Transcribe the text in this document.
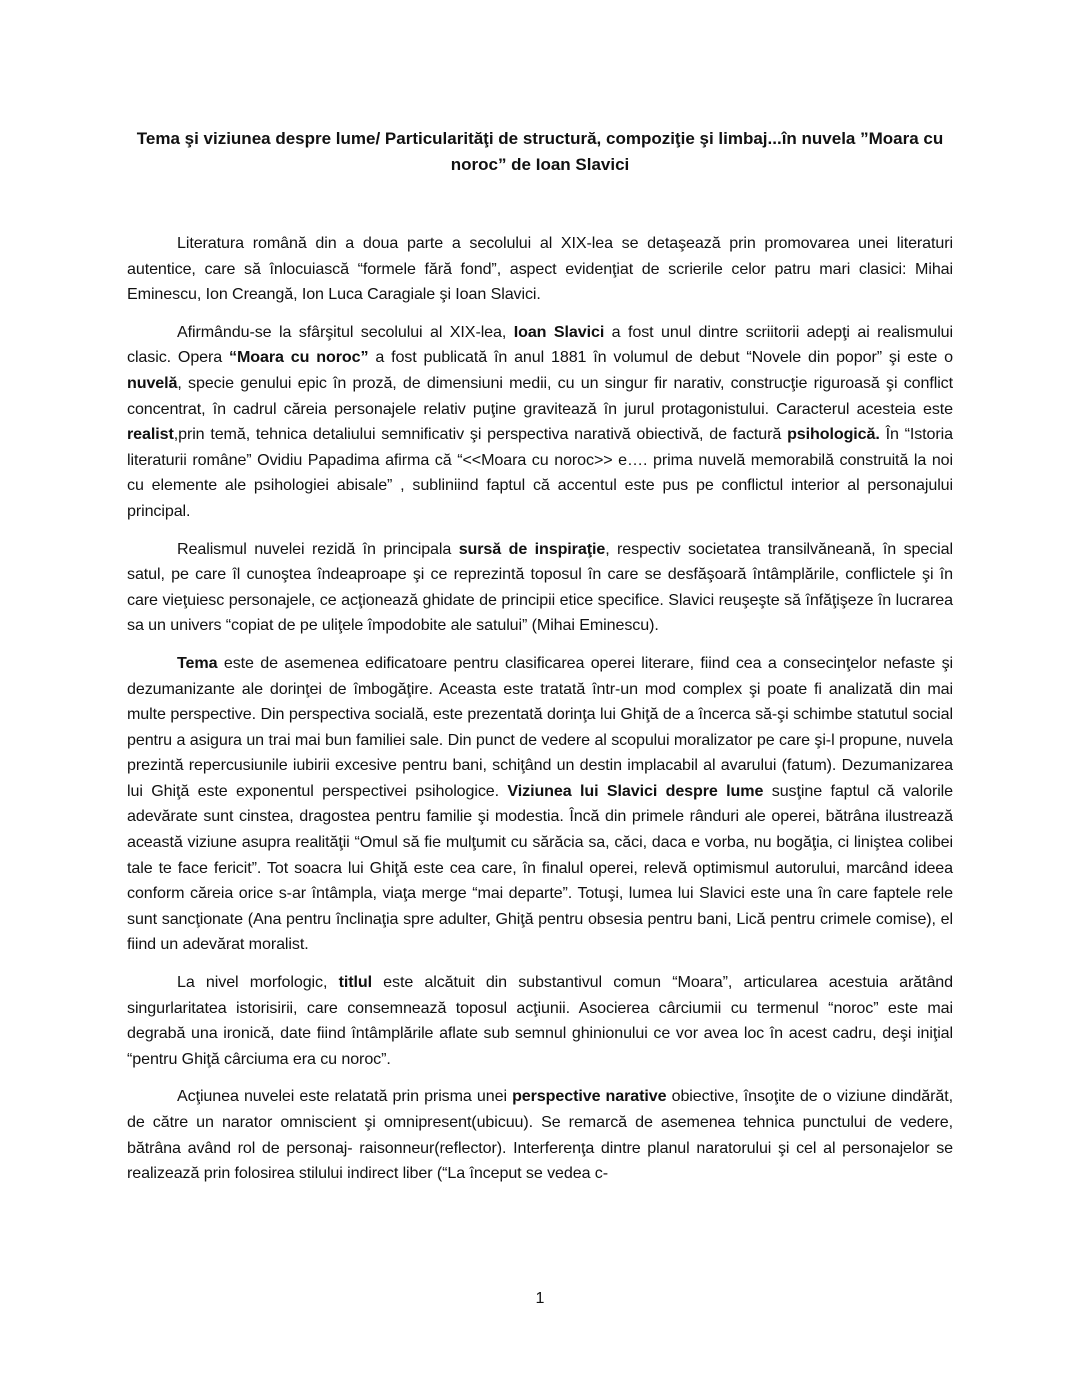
Tema şi viziunea despre lume/ Particularităţi de structură, compoziţie şi limbaj...în nuvela ”Moara cu noroc” de Ioan Slavici

Literatura română din a doua parte a secolului al XIX-lea se detaşează prin promovarea unei literaturi autentice, care să înlocuiască “formele fără fond”, aspect evidenţiat de scrierile celor patru mari clasici: Mihai Eminescu, Ion Creangă, Ion Luca Caragiale şi Ioan Slavici.

Afirmându-se la sfârşitul secolului al XIX-lea, Ioan Slavici a fost unul dintre scriitorii adepţi ai realismului clasic. Opera “Moara cu noroc” a fost publicată în anul 1881 în volumul de debut “Novele din popor” şi este o nuvelă, specie genului epic în proză, de dimensiuni medii, cu un singur fir narativ, construcţie riguroasă şi conflict concentrat, în cadrul căreia personajele relativ puţine gravitează în jurul protagonistului. Caracterul acesteia este realist,prin temă, tehnica detaliului semnificativ şi perspectiva narativă obiectivă, de factură psihologică. În “Istoria literaturii române” Ovidiu Papadima afirma că “<<Moara cu noroc>> e…. prima nuvelă memorabilă construită la noi cu elemente ale psihologiei abisale” , subliniind faptul că accentul este pus pe conflictul interior al personajului principal.

Realismul nuvelei rezidă în principala sursă de inspiraţie, respectiv societatea transilvăneană, în special satul, pe care îl cunoştea îndeaproape şi ce reprezintă toposul în care se desfăşoară întâmplările, conflictele şi în care vieţuiesc personajele, ce acţionează ghidate de principii etice specifice. Slavici reuşeşte să înfăţişeze în lucrarea sa un univers “copiat de pe uliţele împodobite ale satului” (Mihai Eminescu).

Tema este de asemenea edificatoare pentru clasificarea operei literare, fiind cea a consecinţelor nefaste şi dezumanizante ale dorinţei de îmbogăţire. Aceasta este tratată într-un mod complex şi poate fi analizată din mai multe perspective. Din perspectiva socială, este prezentată dorinţa lui Ghiţă de a încerca să-şi schimbe statutul social pentru a asigura un trai mai bun familiei sale. Din punct de vedere al scopului moralizator pe care şi-l propune, nuvela prezintă repercusiunile iubirii excesive pentru bani, schiţând un destin implacabil al avarului (fatum). Dezumanizarea lui Ghiţă este exponentul perspectivei psihologice. Viziunea lui Slavici despre lume susţine faptul că valorile adevărate sunt cinstea, dragostea pentru familie şi modestia. Încă din primele rânduri ale operei, bătrâna ilustrează această viziune asupra realităţii “Omul să fie mulţumit cu sărăcia sa, căci, daca e vorba, nu bogăţia, ci liniştea colibei tale te face fericit”. Tot soacra lui Ghiţă este cea care, în finalul operei, relevă optimismul autorului, marcând ideea conform căreia orice s-ar întâmpla, viaţa merge “mai departe”. Totuşi, lumea lui Slavici este una în care faptele rele sunt sancţionate (Ana pentru înclinaţia spre adulter, Ghiţă pentru obsesia pentru bani, Lică pentru crimele comise), el fiind un adevărat moralist.

La nivel morfologic, titlul este alcătuit din substantivul comun “Moara”, articularea acestuia arătând singurlaritatea istorisirii, care consemnează toposul acţiunii. Asocierea cârciumii cu termenul “noroc” este mai degrabă una ironică, date fiind întâmplările aflate sub semnul ghinionului ce vor avea loc în acest cadru, deşi iniţial “pentru Ghiţă cârciuma era cu noroc”.

Acţiunea nuvelei este relatată prin prisma unei perspective narative obiective, însoţite de o viziune dindărăt, de către un narator omniscient şi omnipresent(ubicuu). Se remarcă de asemenea tehnica punctului de vedere, bătrâna având rol de personaj- raisonneur(reflector). Interferenţa dintre planul naratorului şi cel al personajelor se realizează prin folosirea stilului indirect liber (“La început se vedea c-

1
